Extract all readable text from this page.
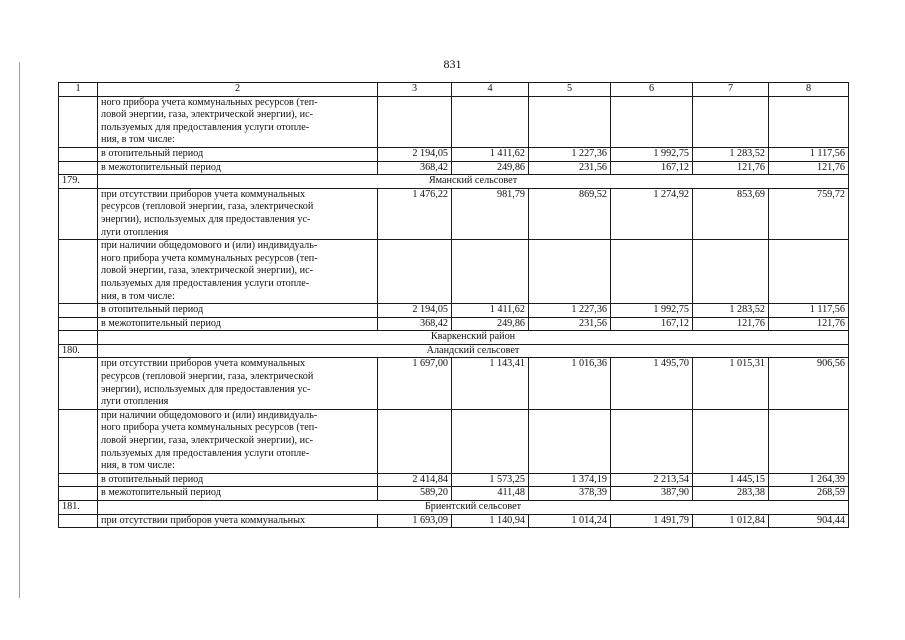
831
1	2	3	4	5	6	7	8

	ного прибора учета коммунальных ресурсов (теп-
ловой энергии, газа, электрической энергии), ис-
пользуемых для предоставления услуги отопле-
ния, в том числе:						

	в отопительный период	2 194,05	1 411,62	1 227,36	1 992,75	1 283,52	1 117,56
	в межотопительный период	368,42	249,86	231,56	167,12	121,76	121,76
179.	Яманский сельсовет						

	при отсутствии приборов учета коммунальных
ресурсов (тепловой энергии, газа, электрической
энергии), используемых для предоставления ус-
луги отопления	1 476,22	981,79	869,52	1 274,92	853,69	759,72

	при наличии общедомового и (или) индивидуаль-
ного прибора учета коммунальных ресурсов (теп-
ловой энергии, газа, электрической энергии), ис-
пользуемых для предоставления услуги отопле-
ния, в том числе:						

	в отопительный период	2 194,05	1 411,62	1 227,36	1 992,75	1 283,52	1 117,56
	в межотопительный период	368,42	249,86	231,56	167,12	121,76	121,76
	Кваркенский район						
180.	Аландский сельсовет						

	при отсутствии приборов учета коммунальных
ресурсов (тепловой энергии, газа, электрической
энергии), используемых для предоставления ус-
луги отопления	1 697,00	1 143,41	1 016,36	1 495,70	1 015,31	906,56

	при наличии общедомового и (или) индивидуаль-
ного прибора учета коммунальных ресурсов (теп-
ловой энергии, газа, электрической энергии), ис-
пользуемых для предоставления услуги отопле-
ния, в том числе:						

	в отопительный период	2 414,84	1 573,25	1 374,19	2 213,54	1 445,15	1 264,39
	в межотопительный период	589,20	411,48	378,39	387,90	283,38	268,59
181.	Бриентский сельсовет						
	при отсутствии приборов учета коммунальных	1 693,09	1 140,94	1 014,24	1 491,79	1 012,84	904,44
